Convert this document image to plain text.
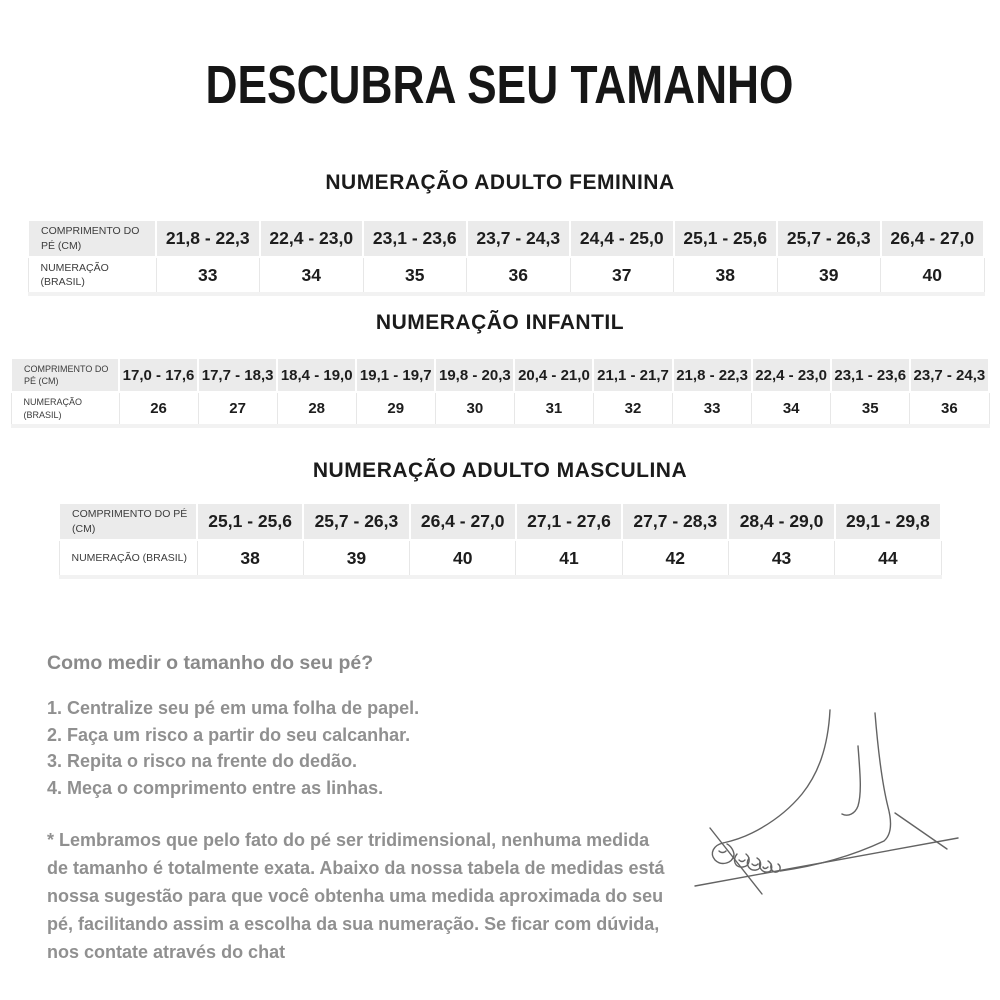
DESCUBRA SEU TAMANHO
NUMERAÇÃO ADULTO FEMININA
COMPRIMENTO DO PÉ (CM)	21,8 - 22,3	22,4 - 23,0	23,1 - 23,6	23,7 - 24,3	24,4 - 25,0	25,1 - 25,6	25,7 - 26,3	26,4 - 27,0
NUMERAÇÃO (BRASIL)	33	34	35	36	37	38	39	40
NUMERAÇÃO INFANTIL
COMPRIMENTO DO PÉ (CM)	17,0 - 17,6	17,7 - 18,3	18,4 - 19,0	19,1 - 19,7	19,8 - 20,3	20,4 - 21,0	21,1 - 21,7	21,8 - 22,3	22,4 - 23,0	23,1 - 23,6	23,7 - 24,3
NUMERAÇÃO (BRASIL)	26	27	28	29	30	31	32	33	34	35	36
NUMERAÇÃO ADULTO MASCULINA
COMPRIMENTO DO PÉ (CM)	25,1 - 25,6	25,7 - 26,3	26,4 - 27,0	27,1 - 27,6	27,7 - 28,3	28,4 - 29,0	29,1 - 29,8
NUMERAÇÃO (BRASIL)	38	39	40	41	42	43	44
Como medir o tamanho do seu pé?
1. Centralize seu pé em uma folha de papel.
2. Faça um risco a partir do seu calcanhar.
3. Repita o risco na frente do dedão.
4. Meça o comprimento entre as linhas.

* Lembramos que pelo fato do pé ser tridimensional, nenhuma medida de tamanho é totalmente exata. Abaixo da nossa tabela de medidas está nossa sugestão para que você obtenha uma medida aproximada do seu pé, facilitando assim a escolha da sua numeração. Se ficar com dúvida, nos contate através do chat
